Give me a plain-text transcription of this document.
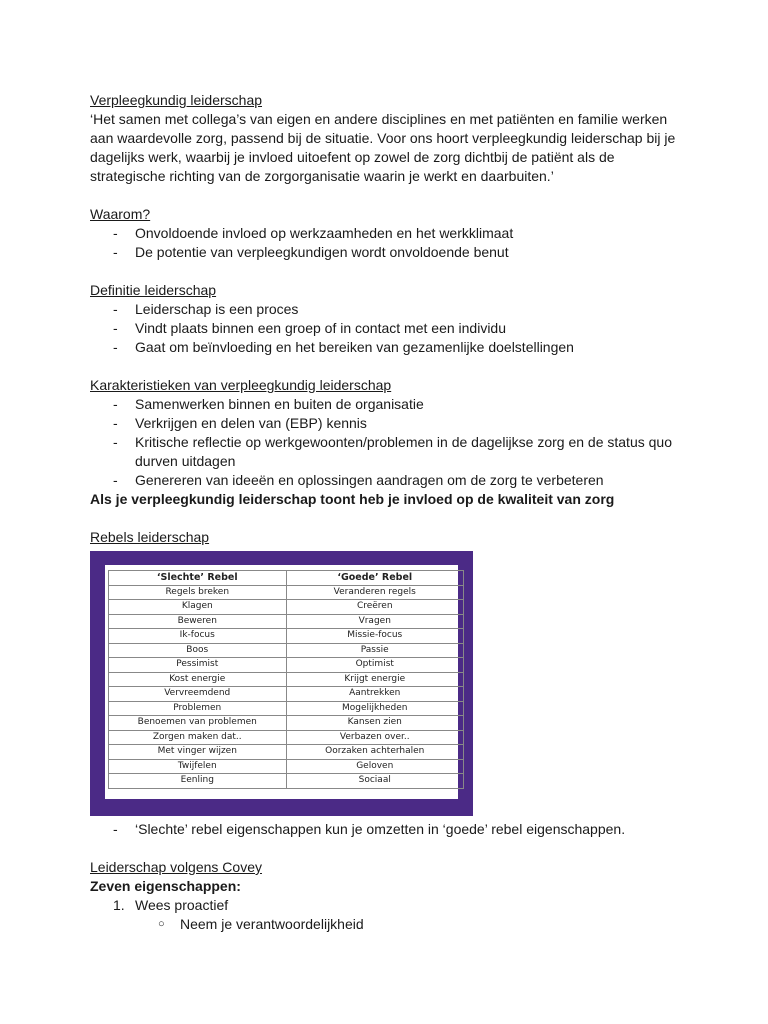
Verpleegkundig leiderschap

‘Het samen met collega’s van eigen en andere disciplines en met patiënten en familie werken

aan waardevolle zorg, passend bij de situatie. Voor ons hoort verpleegkundig leiderschap bij je

dagelijks werk, waarbij je invloed uitoefent op zowel de zorg dichtbij de patiënt als de

strategische richting van de zorgorganisatie waarin je werkt en daarbuiten.’

Waarom?

- Onvoldoende invloed op werkzaamheden en het werkklimaat
- De potentie van verpleegkundigen wordt onvoldoende benut

Definitie leiderschap

- Leiderschap is een proces
- Vindt plaats binnen een groep of in contact met een individu
- Gaat om beïnvloeding en het bereiken van gezamenlijke doelstellingen

Karakteristieken van verpleegkundig leiderschap

- Samenwerken binnen en buiten de organisatie
- Verkrijgen en delen van (EBP) kennis
- Kritische reflectie op werkgewoonten/problemen in de dagelijkse zorg en de status quo durven uitdagen
- Genereren van ideeën en oplossingen aandragen om de zorg te verbeteren

Als je verpleegkundig leiderschap toont heb je invloed op de kwaliteit van zorg

Rebels leiderschap

‘Slechte’ Rebel	‘Goede’ Rebel
Regels breken	Veranderen regels
Klagen	Creëren
Beweren	Vragen
Ik-focus	Missie-focus
Boos	Passie
Pessimist	Optimist
Kost energie	Krijgt energie
Vervreemdend	Aantrekken
Problemen	Mogelijkheden
Benoemen van problemen	Kansen zien
Zorgen maken dat..	Verbazen over..
Met vinger wijzen	Oorzaken achterhalen
Twijfelen	Geloven
Eenling	Sociaal
- ‘Slechte’ rebel eigenschappen kun je omzetten in ‘goede’ rebel eigenschappen.

Leiderschap volgens Covey

Zeven eigenschappen:

1. Wees proactief
○ Neem je verantwoordelijkheid
